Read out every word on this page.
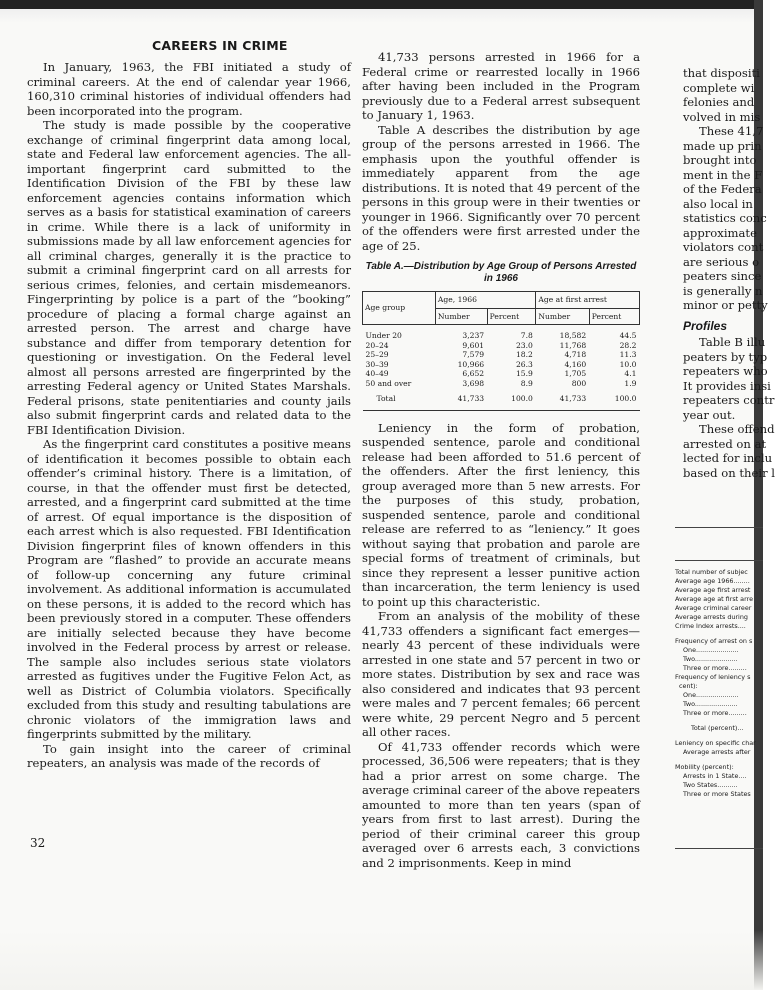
CAREERS IN CRIME

In January, 1963, the FBI initiated a study of criminal careers. At the end of calendar year 1966, 160,310 criminal histories of individual offenders had been incorporated into the program.

The study is made possible by the cooperative exchange of criminal fingerprint data among local, state and Federal law enforcement agencies. The all-important fingerprint card submitted to the Identification Division of the FBI by these law enforcement agencies contains information which serves as a basis for statistical examination of careers in crime. While there is a lack of uniformity in submissions made by all law enforcement agencies for all criminal charges, generally it is the practice to submit a criminal fingerprint card on all arrests for serious crimes, felonies, and certain misdemeanors. Fingerprinting by police is a part of the “booking” procedure of placing a formal charge against an arrested person. The arrest and charge have substance and differ from temporary detention for questioning or investigation. On the Federal level almost all persons arrested are fingerprinted by the arresting Federal agency or United States Marshals. Federal prisons, state penitentiaries and county jails also submit fingerprint cards and related data to the FBI Identification Division.

As the fingerprint card constitutes a positive means of identification it becomes possible to obtain each offender’s criminal history. There is a limitation, of course, in that the offender must first be detected, arrested, and a fingerprint card submitted at the time of arrest. Of equal importance is the disposition of each arrest which is also requested. FBI Identification Division fingerprint files of known offenders in this Program are “flashed” to provide an accurate means of follow-up concerning any future criminal involvement. As additional information is accumulated on these persons, it is added to the record which has been previously stored in a computer. These offenders are initially selected because they have become involved in the Federal process by arrest or release. The sample also includes serious state violators arrested as fugitives under the Fugitive Felon Act, as well as District of Columbia violators. Specifically excluded from this study and resulting tabulations are chronic violators of the immigration laws and fingerprints submitted by the military.

To gain insight into the career of criminal repeaters, an analysis was made of the records of

32

41,733 persons arrested in 1966 for a Federal crime or rearrested locally in 1966 after having been included in the Program previously due to a Federal arrest subsequent to January 1, 1963.

Table A describes the distribution by age group of the persons arrested in 1966. The emphasis upon the youthful offender is immediately apparent from the age distributions. It is noted that 49 percent of the persons in this group were in their twenties or younger in 1966. Significantly over 70 percent of the offenders were first arrested under the age of 25.

Table A.—Distribution by Age Group of Persons Arrested in 1966
Age group	Age, 1966		Age at first arrest	
	Number	Percent	Number	Percent

Under 20	3,237	7.8	18,582	44.5
20–24	9,601	23.0	11,768	28.2
25–29	7,579	18.2	4,718	11.3
30–39	10,966	26.3	4,160	10.0
40–49	6,652	15.9	1,705	4.1
50 and over	3,698	8.9	800	1.9
Total	41,733	100.0	41,733	100.0

Leniency in the form of probation, suspended sentence, parole and conditional release had been afforded to 51.6 percent of the offenders. After the first leniency, this group averaged more than 5 new arrests. For the purposes of this study, probation, suspended sentence, parole and conditional release are referred to as “leniency.” It goes without saying that probation and parole are special forms of treatment of criminals, but since they represent a lesser punitive action than incarceration, the term leniency is used to point up this characteristic.

From an analysis of the mobility of these 41,733 offenders a significant fact emerges—nearly 43 percent of these individuals were arrested in one state and 57 percent in two or more states. Distribution by sex and race was also considered and indicates that 93 percent were males and 7 percent females; 66 percent were white, 29 percent Negro and 5 percent all other races.

Of 41,733 offender records which were processed, 36,506 were repeaters; that is they had a prior arrest on some charge. The average criminal career of the above repeaters amounted to more than ten years (span of years from first to last arrest). During the period of their criminal career this group averaged over 6 arrests each, 3 convictions and 2 imprisonments. Keep in mind

that dispositi

complete wi

felonies and

volved in mis

These 41,7

made up prin

brought into

ment in the F

of the Federa

also local in

statistics conc

approximate

violators cont

are serious o

peaters since

is generally n

minor or petty

Profiles

Table B illu

peaters by typ

repeaters who

It provides insi

repeaters contr

year out.

These offend

arrested on at

lected for inclu

based on their l

Total number of subjec
Average age 1966........
Average age first arrest
Average age at first arre
Average criminal career
Average arrests during
Crime Index arrests....
Frequency of arrest on s
One.....................
Two.....................
Three or more.........
Frequency of leniency s
cent):
One.....................
Two.....................
Three or more.........
Total (percent)...
Leniency on specific char
Average arrests after
Mobility (percent):
Arrests in 1 State....
Two States..........
Three or more States
